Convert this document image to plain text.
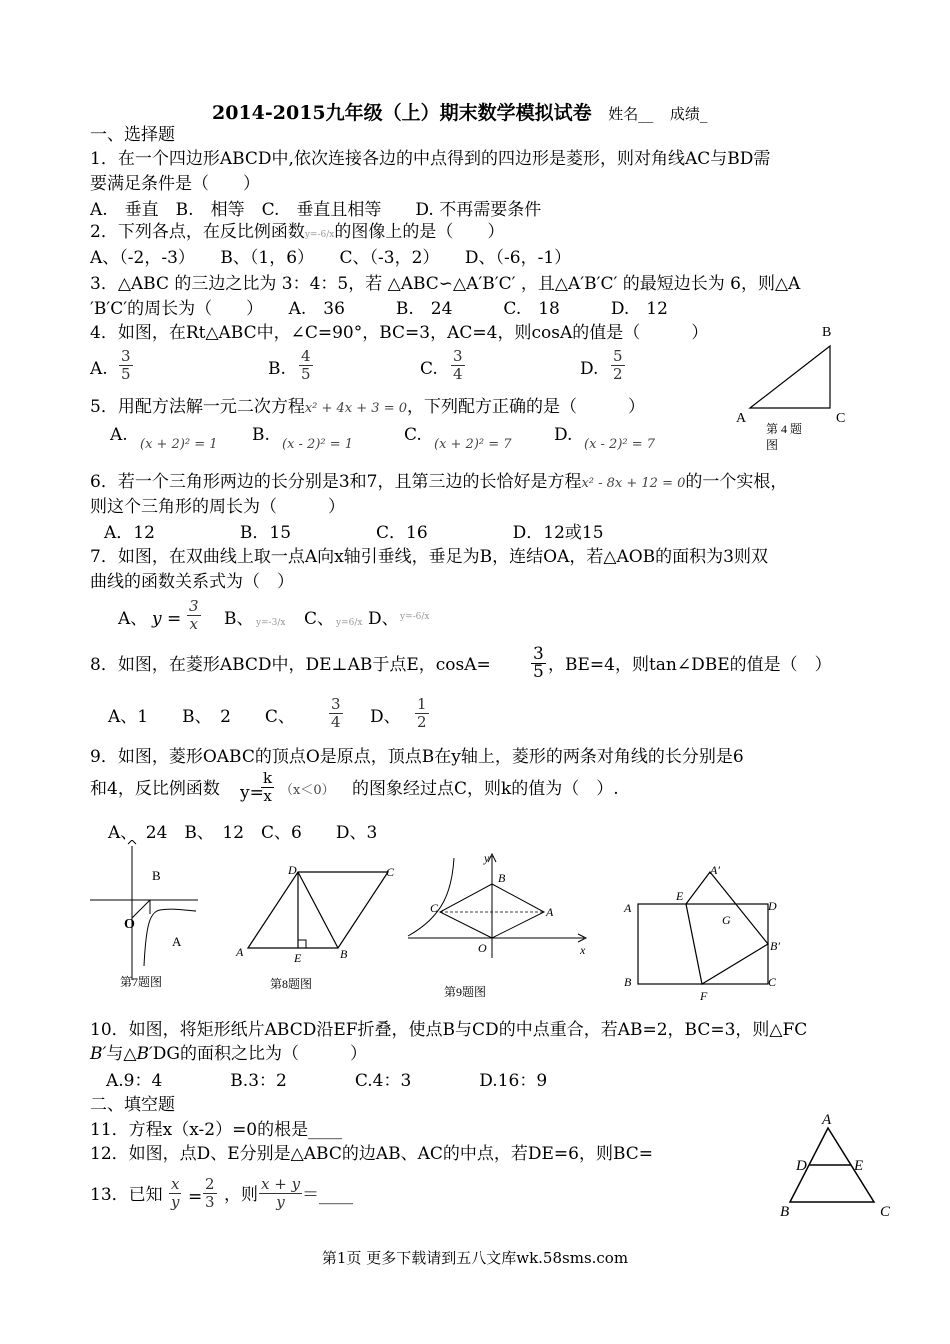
2014-2015九年级（上）期末数学模拟试卷 姓名__ 成绩_
一、选择题
1．在一个四边形ABCD中,依次连接各边的中点得到的四边形是菱形，则对角线AC与BD需
要满足条件是（　　）
A.　垂直　B.　相等　C.　垂直且相等　　D. 不再需要条件
2．下列各点，在反比例函数y=-6/x的图像上的是（　　）
A、（-2，-3）　　B、（1，6）　　C、（-3，2）　　D、（-6，-1）
3．△ABC 的三边之比为 3：4：5，若 △ABC∽△A′B′C′ ，且△A′B′C′ 的最短边长为 6，则△A
′B′C′的周长为（　　）　　A.　36　　　B.　24　　　C.　18　　　D.　12
4．如图，在Rt△ABC中，∠C=90°，BC=3，AC=4，则cosA的值是（　　　）
A. $\frac{3}{5}$	B. $\frac{4}{5}$	C. $\frac{3}{4}$	D. $\frac{5}{2}$
B
A	C
第 4 题
图
5．用配方法解一元二次方程x² + 4x + 3 = 0，下列配方正确的是（　　　）
A. (x + 2)² = 1 B. (x - 2)² = 1	C. (x + 2)² = 7 D. (x - 2)² = 7
6．若一个三角形两边的长分别是3和7，且第三边的长恰好是方程x² - 8x + 12 = 0的一个实根，
则这个三角形的周长为（　　　）
A．12　　　　　B．15　　　　　C．16　　　　　D．12或15
7．如图，在双曲线上取一点A向x轴引垂线，垂足为B，连结OA，若△AOB的面积为3则双
曲线的函数关系式为（　）
A、 $y = \frac{3}{x}$ B、 y=-3/x C、 y=6/x D、 y=-6/x
8．如图，在菱形ABCD中，DE⊥AB于点E，$\cos A= \frac{3}{5}$ ，BE=4，则tan∠DBE的值是（　）
A、1　　B、　2　　C、 $\frac{3}{4}$ D、 $\frac{1}{2}$
9．如图，菱形OABC的顶点O是原点，顶点B在y轴上，菱形的两条对角线的长分别是6
和4，反比例函数 y=
$\frac{k}{x} (x<0)$ 的图象经过点C，则k的值为（　）.
A、　24　B、　12　C、6　　D、3
B
O
A
第7题图
D	C
A	E	B
第8题图
y
B
C	A
O	x
第9题图
A′
E
G
D
A
B′
B
F
C
10．如图，将矩形纸片ABCD沿EF折叠，使点B与CD的中点重合，若AB=2，BC=3，则△FC
B′与△B′DG的面积之比为（　　　）
A.9：4　　　　B.3：2　　　　C.4：3　　　　D.16：9
二、填空题
11．方程x（x-2）=0的根是____
12．如图，点D、E分别是△ABC的边AB、AC的中点，若DE=6，则BC=
13．已知 $\frac{x}{y} = \frac{2}{3}$ ，则 $\frac{x + y}{y}$ ＝____
A
D	E
B	C
第1页 更多下载请到五八文库wk.58sms.com
